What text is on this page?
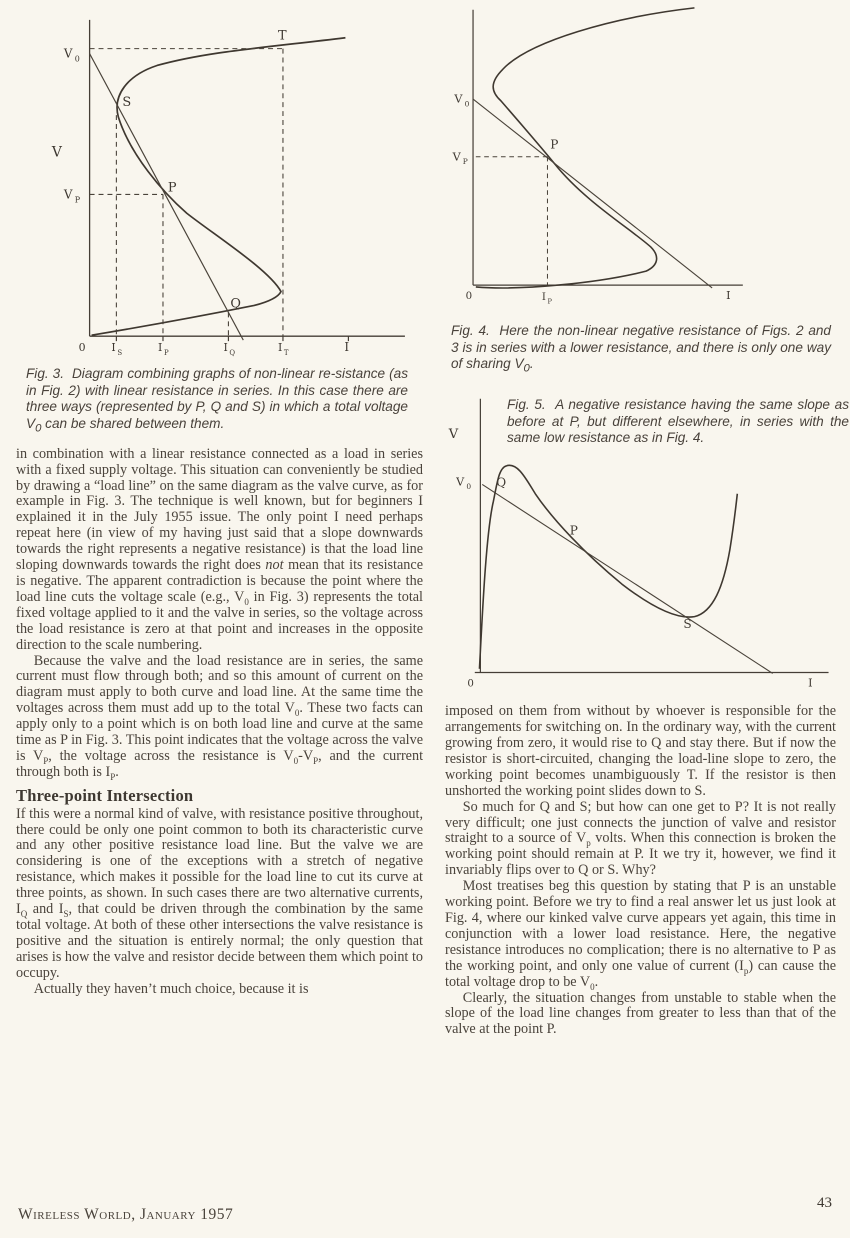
V
V 0
V P
T
S
P
Q
0 I S	I P	I Q	I T	I
Fig. 3.  Diagram combining graphs of non-linear re-sistance (as in Fig. 2) with linear resistance in series. In this case there are three ways (represented by P, Q and S) in which a total voltage $V_0$ can be shared between them.

in combination with a linear resistance connected as a load in series with a fixed supply voltage. This situation can conveniently be studied by drawing a “load line” on the same diagram as the valve curve, as for example in Fig. 3. The technique is well known, but for beginners I explained it in the July 1955 issue. The only point I need perhaps repeat here (in view of my having just said that a slope downwards towards the right represents a negative resistance) is that the load line sloping downwards towards the right does not mean that its resistance is negative. The apparent contradiction is because the point where the load line cuts the voltage scale (e.g., $V_0$ in Fig. 3) represents the total fixed voltage applied to it and the valve in series, so the voltage across the load resistance is zero at that point and increases in the opposite direction to the scale numbering.

Because the valve and the load resistance are in series, the same current must flow through both; and so this amount of current on the diagram must apply to both curve and load line. At the same time the voltages across them must add up to the total $V_0$. These two facts can apply only to a point which is on both load line and curve at the same time as P in Fig. 3. This point indicates that the voltage across the valve is $V_P$, the voltage across the resistance is $V_0-V_P$, and the current through both is $I_P$.

Three-point Intersection

If this were a normal kind of valve, with resistance positive throughout, there could be only one point common to both its characteristic curve and any other positive resistance load line. But the valve we are considering is one of the exceptions with a stretch of negative resistance, which makes it possible for the load line to cut its curve at three points, as shown. In such cases there are two alternative currents, $I_Q$ and $I_S$, that could be driven through the combination by the same total voltage. At both of these other intersections the valve resistance is positive and the situation is entirely normal; the only question that arises is how the valve and resistor decide between them which point to occupy.

Actually they haven’t much choice, because it is

V 0
V P
P
0	I P	I
Fig. 4.  Here the non-linear negative resistance of Figs. 2 and 3 is in series with a lower resistance, and there is only one way of sharing $V_0$.
V
V 0 Q
P
S
0	I
Fig. 5.  A negative resistance having the same slope as before at P, but different elsewhere, in series with the same low resistance as in Fig. 4.

imposed on them from without by whoever is responsible for the arrangements for switching on. In the ordinary way, with the current growing from zero, it would rise to Q and stay there. But if now the resistor is short-circuited, changing the load-line slope to zero, the working point becomes unambiguously T. If the resistor is then unshorted the working point slides down to S.

So much for Q and S; but how can one get to P? It is not really very difficult; one just connects the junction of valve and resistor straight to a source of $V_p$ volts. When this connection is broken the working point should remain at P. It we try it, however, we find it invariably flips over to Q or S. Why?

Most treatises beg this question by stating that P is an unstable working point. Before we try to find a real answer let us just look at Fig. 4, where our kinked valve curve appears yet again, this time in conjunction with a lower load resistance. Here, the negative resistance introduces no complication; there is no alternative to P as the working point, and only one value of current $(I_p)$ can cause the total voltage drop to be $V_0$.

Clearly, the situation changes from unstable to stable when the slope of the load line changes from greater to less than that of the valve at the point P.

Wireless World, January 1957
43
